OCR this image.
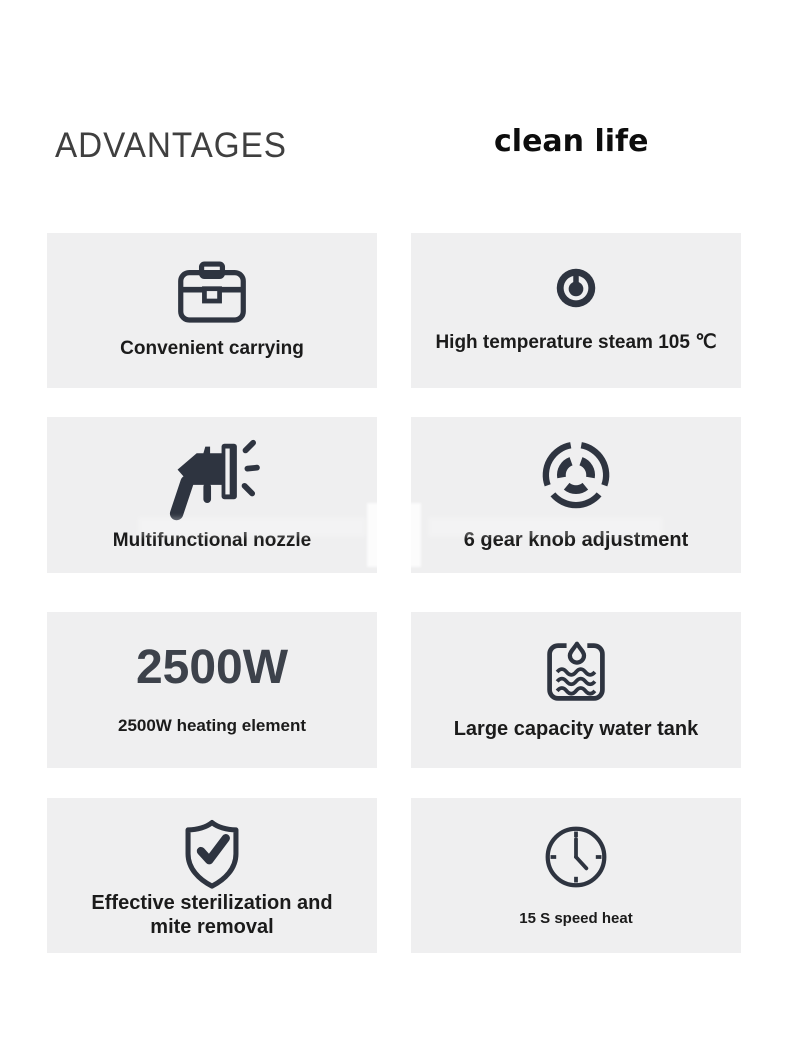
ADVANTAGES	clean life
Convenient carrying	High temperature steam 105 ℃
Multifunctional nozzle	6 gear knob adjustment
2500W
2500W heating element	Large capacity water tank
Effective sterilization and mite removal	15 S speed heat
